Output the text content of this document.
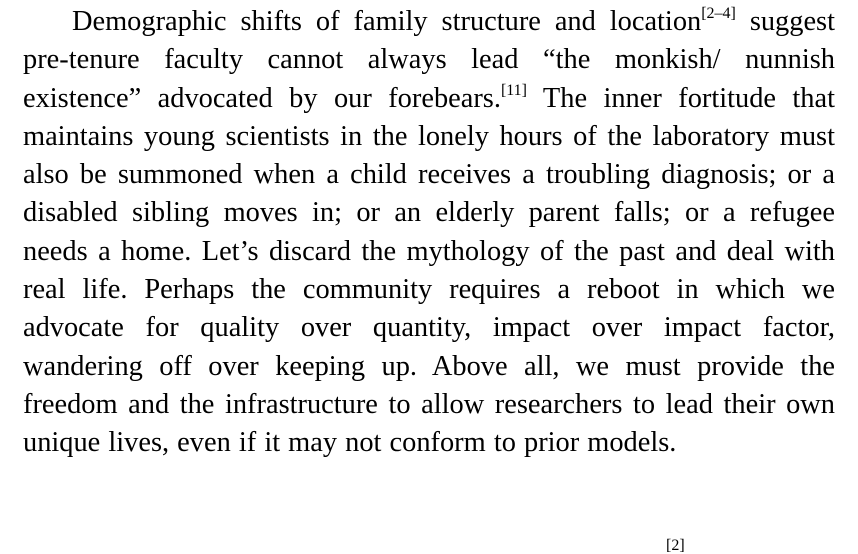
Demographic shifts of family structure and location[2–4] suggest pre-tenure faculty cannot always lead “the monkish/ nunnish existence” advocated by our forebears.[11] The inner fortitude that maintains young scientists in the lonely hours of the laboratory must also be summoned when a child receives a troubling diagnosis; or a disabled sibling moves in; or an elderly parent falls; or a refugee needs a home. Let’s discard the mythology of the past and deal with real life. Perhaps the community requires a reboot in which we advocate for quality over quantity, impact over impact factor, wandering off over keeping up. Above all, we must provide the freedom and the infrastructure to allow researchers to lead their own unique lives, even if it may not conform to prior models.

[2]
